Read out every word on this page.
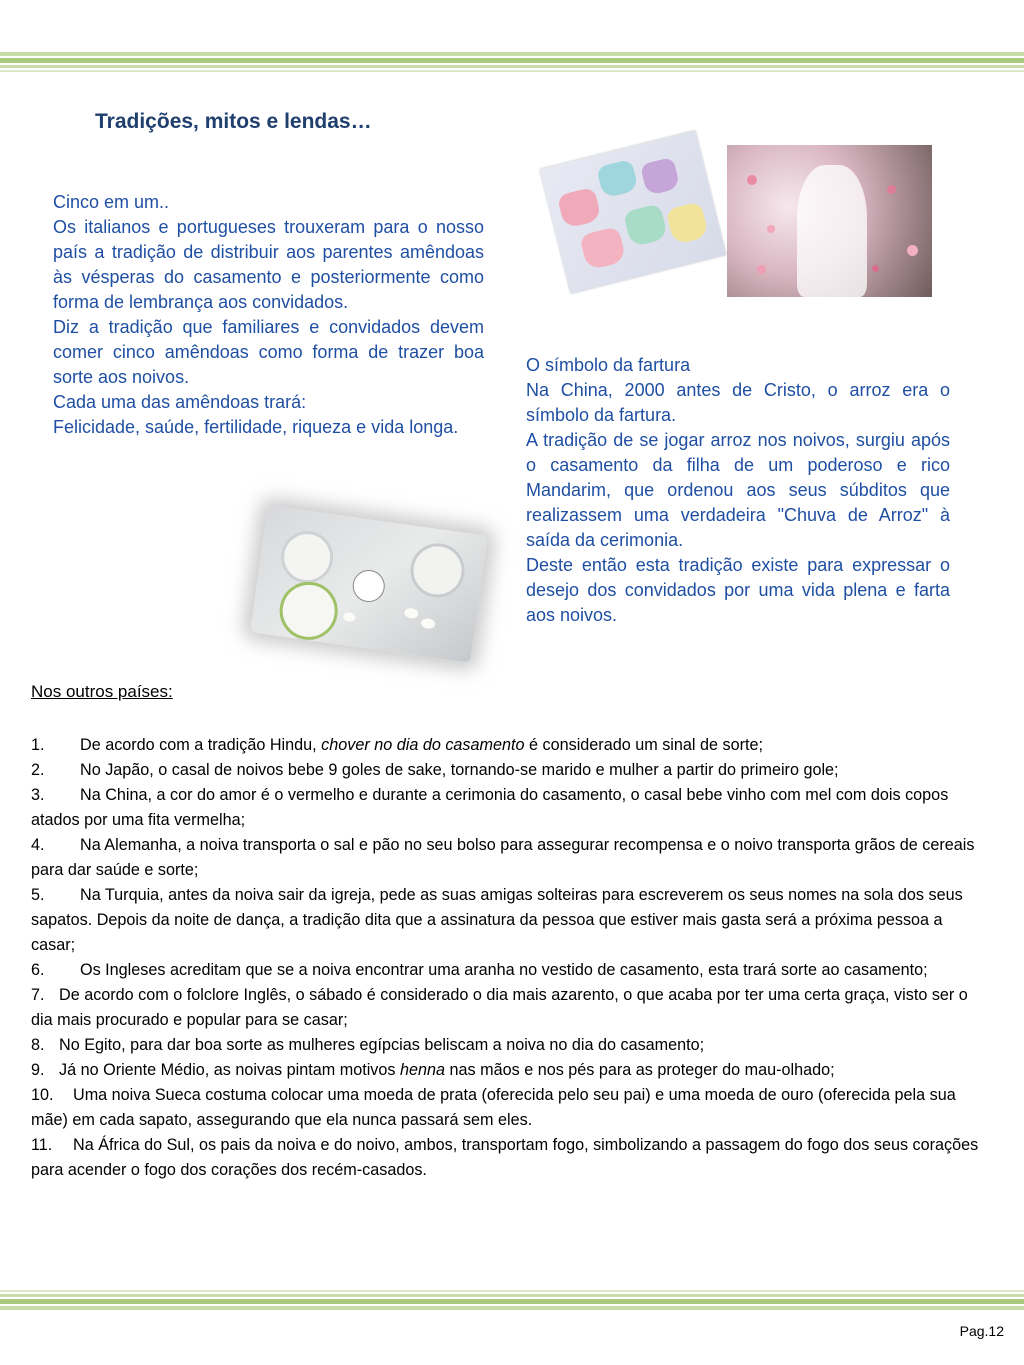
Tradições, mitos e lendas…

Cinco em um..

Os italianos e portugueses trouxeram para o nosso país a tradição de distribuir aos parentes amêndoas às vésperas do casamento e posteriormente como forma de lembrança aos convidados.

Diz a tradição que familiares e convidados devem comer cinco amêndoas como forma de trazer boa sorte aos noivos.

Cada uma das amêndoas trará:

Felicidade, saúde, fertilidade, riqueza e vida longa.

O símbolo da fartura

Na China, 2000 antes de Cristo, o arroz era o símbolo da fartura.

A tradição de se jogar arroz nos noivos, surgiu após o casamento da filha de um poderoso e rico Mandarim, que ordenou aos seus súbditos que realizassem uma verdadeira "Chuva de Arroz" à saída da cerimonia.

Deste então esta tradição existe para expressar o desejo dos convidados por uma vida plena e farta aos noivos.

Nos outros países:
1. De acordo com a tradição Hindu, chover no dia do casamento é considerado um sinal de sorte;
2. No Japão, o casal de noivos bebe 9 goles de sake, tornando-se marido e mulher a partir do primeiro gole;
3. Na China, a cor do amor é o vermelho e durante a cerimonia do casamento, o casal bebe vinho com mel com dois copos atados por uma fita vermelha;
4. Na Alemanha, a noiva transporta o sal e pão no seu bolso para assegurar recompensa e o noivo transporta grãos de cereais para dar saúde e sorte;
5. Na Turquia, antes da noiva sair da igreja, pede as suas amigas solteiras para escreverem os seus nomes na sola dos seus sapatos. Depois da noite de dança, a tradição dita que a assinatura da pessoa que estiver mais gasta será a próxima pessoa a casar;
6. Os Ingleses acreditam que se a noiva encontrar uma aranha no vestido de casamento, esta trará sorte ao casamento;
7. De acordo com o folclore Inglês, o sábado é considerado o dia mais azarento, o que acaba por ter uma certa graça, visto ser o dia mais procurado e popular para se casar;
8. No Egito, para dar boa sorte as mulheres egípcias beliscam a noiva no dia do casamento;
9. Já no Oriente Médio, as noivas pintam motivos henna nas mãos e nos pés para as proteger do mau-olhado;
10. Uma noiva Sueca costuma colocar uma moeda de prata (oferecida pelo seu pai) e uma moeda de ouro (oferecida pela sua mãe) em cada sapato, assegurando que ela nunca passará sem eles.
11. Na África do Sul, os pais da noiva e do noivo, ambos, transportam fogo, simbolizando a passagem do fogo dos seus corações para acender o fogo dos corações dos recém-casados.
Pag.12
